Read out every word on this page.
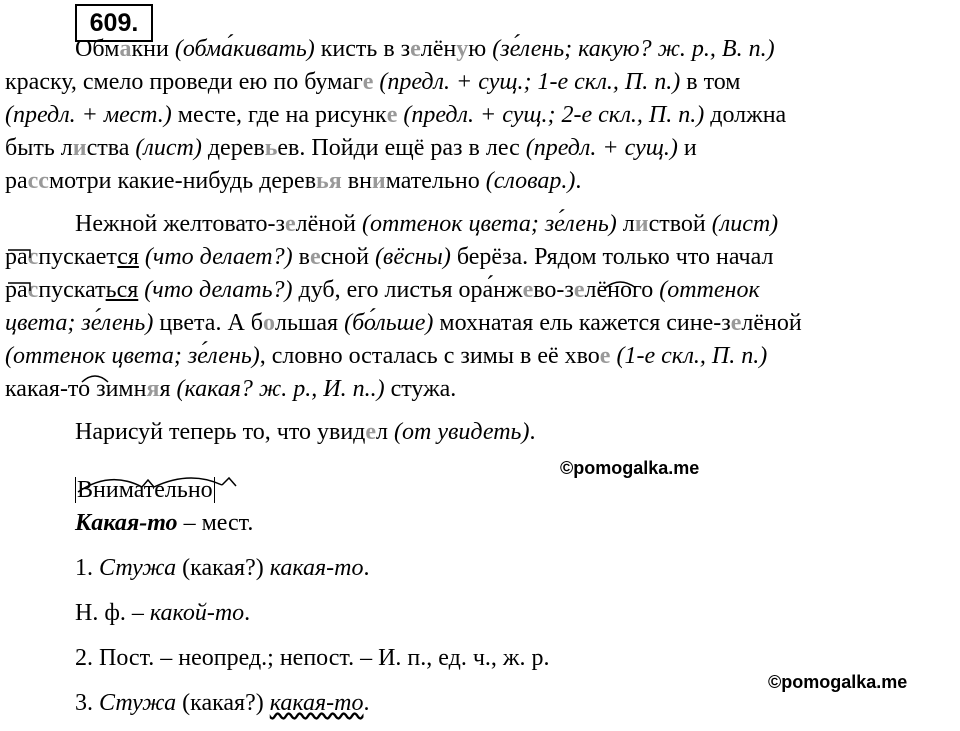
609.
Обмакни (обма́кивать) кисть в зелёную (зе́лень; какую? ж. р., В. п.)
краску, смело проведи ею по бумаге (предл. + сущ.; 1-е скл., П. п.) в том
(предл. + мест.) месте, где на рисунке (предл. + сущ.; 2-е скл., П. п.) должна
быть листва (лист) деревьев. Пойди ещё раз в лес (предл. + сущ.) и
рассмотри какие-нибудь деревья внимательно (словар.).
Нежной желтовато-зелёной (оттенок цвета; зе́лень) листвой (лист)
распускается (что делает?) весной (вёсны) берёза. Рядом только что начал
распускаться (что делать?) дуб, его листья ора́нжево-зелёного (оттенок
цвета; зе́лень) цвета. А большая (бо́льше) мохнатая ель кажется сине-зелёной
(оттенок цвета; зе́лень), словно осталась с зимы в её хвое (1-е скл., П. п.)
какая-то зимняя (какая? ж. р., И. п..) стужа.
Нарисуй теперь то, что увидел (от увидеть).
Какая-то – мест.
1. Стужа (какая?) какая-то.
Н. ф. – какой-то.
2. Пост. – неопред.; непост. – И. п., ед. ч., ж. р.
3. Стужа (какая?) какая-то.
Внимательно
©pomogalka.me
©pomogalka.me
